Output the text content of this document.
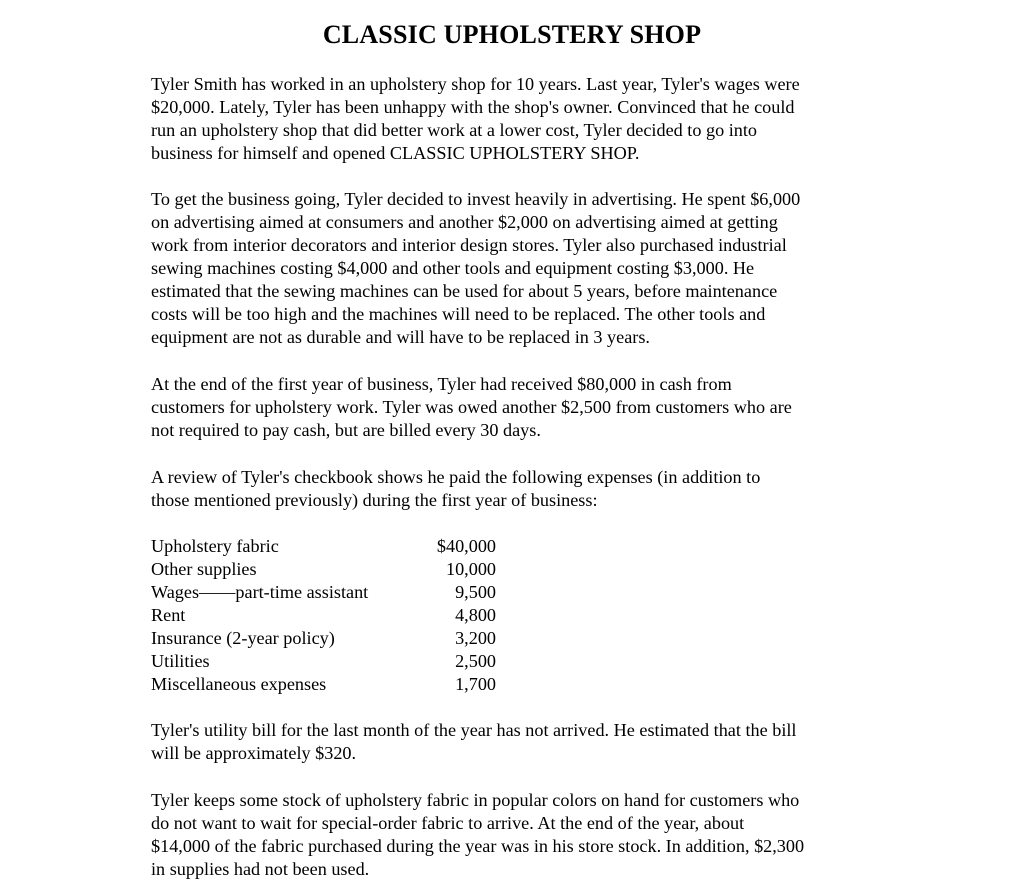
CLASSIC UPHOLSTERY SHOP
Tyler Smith has worked in an upholstery shop for 10 years. Last year, Tyler's wages were
$20,000. Lately, Tyler has been unhappy with the shop's owner. Convinced that he could
run an upholstery shop that did better work at a lower cost, Tyler decided to go into
business for himself and opened CLASSIC UPHOLSTERY SHOP.
To get the business going, Tyler decided to invest heavily in advertising. He spent $6,000
on advertising aimed at consumers and another $2,000 on advertising aimed at getting
work from interior decorators and interior design stores. Tyler also purchased industrial
sewing machines costing $4,000 and other tools and equipment costing $3,000. He
estimated that the sewing machines can be used for about 5 years, before maintenance
costs will be too high and the machines will need to be replaced. The other tools and
equipment are not as durable and will have to be replaced in 3 years.
At the end of the first year of business, Tyler had received $80,000 in cash from
customers for upholstery work. Tyler was owed another $2,500 from customers who are
not required to pay cash, but are billed every 30 days.
A review of Tyler's checkbook shows he paid the following expenses (in addition to
those mentioned previously) during the first year of business:
Upholstery fabric	$40,000
Other supplies	10,000
Wages——part-time assistant	9,500
Rent	4,800
Insurance (2-year policy)	3,200
Utilities	2,500
Miscellaneous expenses	1,700
Tyler's utility bill for the last month of the year has not arrived. He estimated that the bill
will be approximately $320.
Tyler keeps some stock of upholstery fabric in popular colors on hand for customers who
do not want to wait for special-order fabric to arrive. At the end of the year, about
$14,000 of the fabric purchased during the year was in his store stock. In addition, $2,300
in supplies had not been used.
